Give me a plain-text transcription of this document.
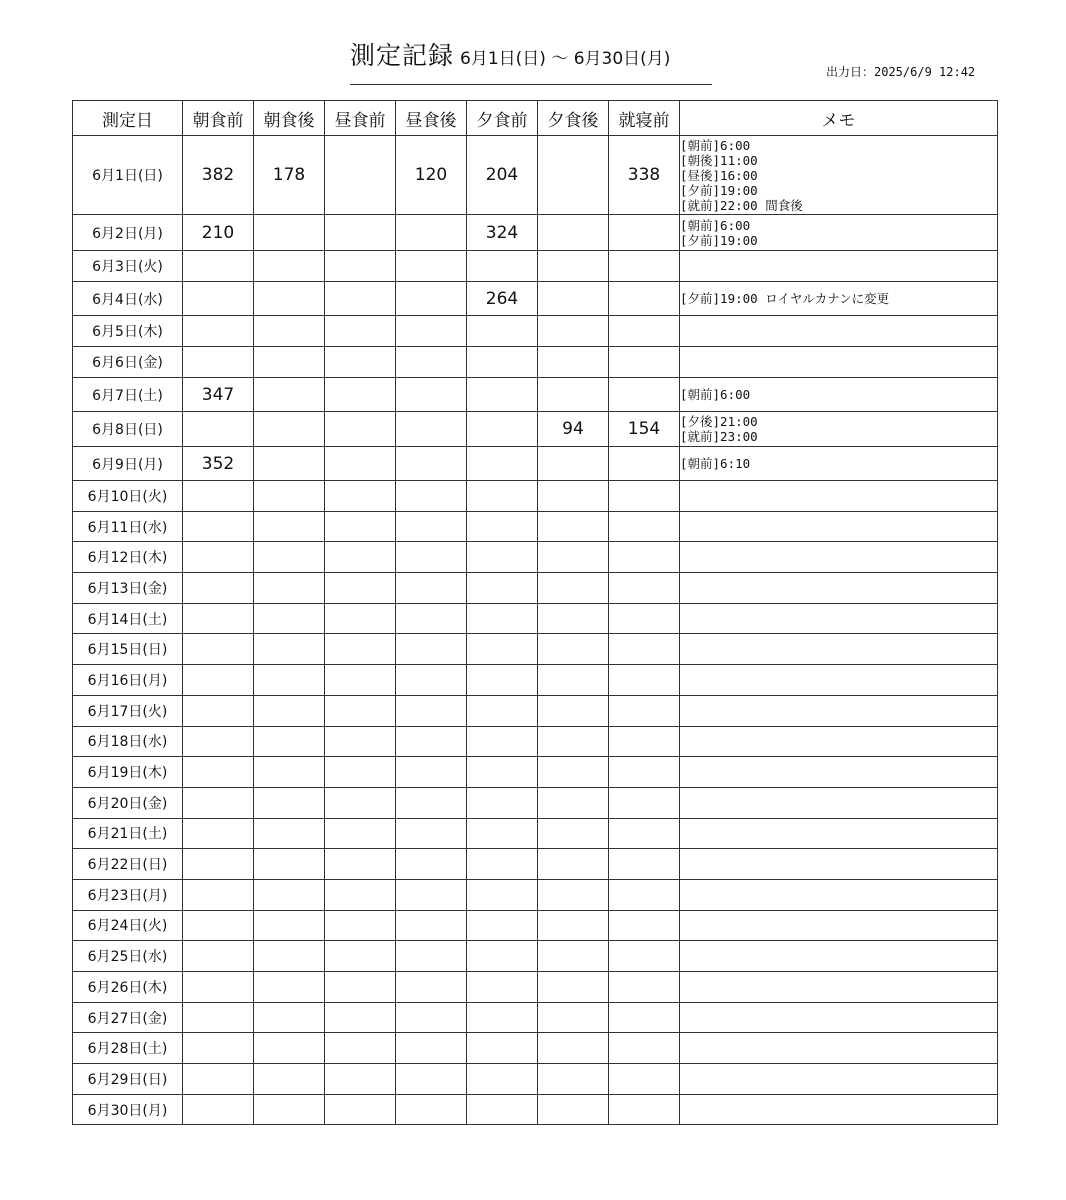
測定記録 6月1日(日) 〜 6月30日(月)
出力日：2025/6/9 12:42
測定日	朝食前	朝食後	昼食前	昼食後	夕食前	夕食後	就寝前	メモ
6月1日(日)	382	178		120	204		338	[朝前]6:00
[朝後]11:00
[昼後]16:00
[夕前]19:00
[就前]22:00 間食後

6月2日(月)	210				324			[朝前]6:00
[夕前]19:00

6月3日(火)								
6月4日(水)					264			[夕前]19:00 ロイヤルカナンに変更

6月5日(木)								
6月6日(金)								
6月7日(土)	347							[朝前]6:00

6月8日(日)						94	154	[夕後]21:00
[就前]23:00

6月9日(月)	352							[朝前]6:10

6月10日(火)								
6月11日(水)								
6月12日(木)								
6月13日(金)								
6月14日(土)								
6月15日(日)								
6月16日(月)								
6月17日(火)								
6月18日(水)								
6月19日(木)								
6月20日(金)								
6月21日(土)								
6月22日(日)								
6月23日(月)								
6月24日(火)								
6月25日(水)								
6月26日(木)								
6月27日(金)								
6月28日(土)								
6月29日(日)								
6月30日(月)								
